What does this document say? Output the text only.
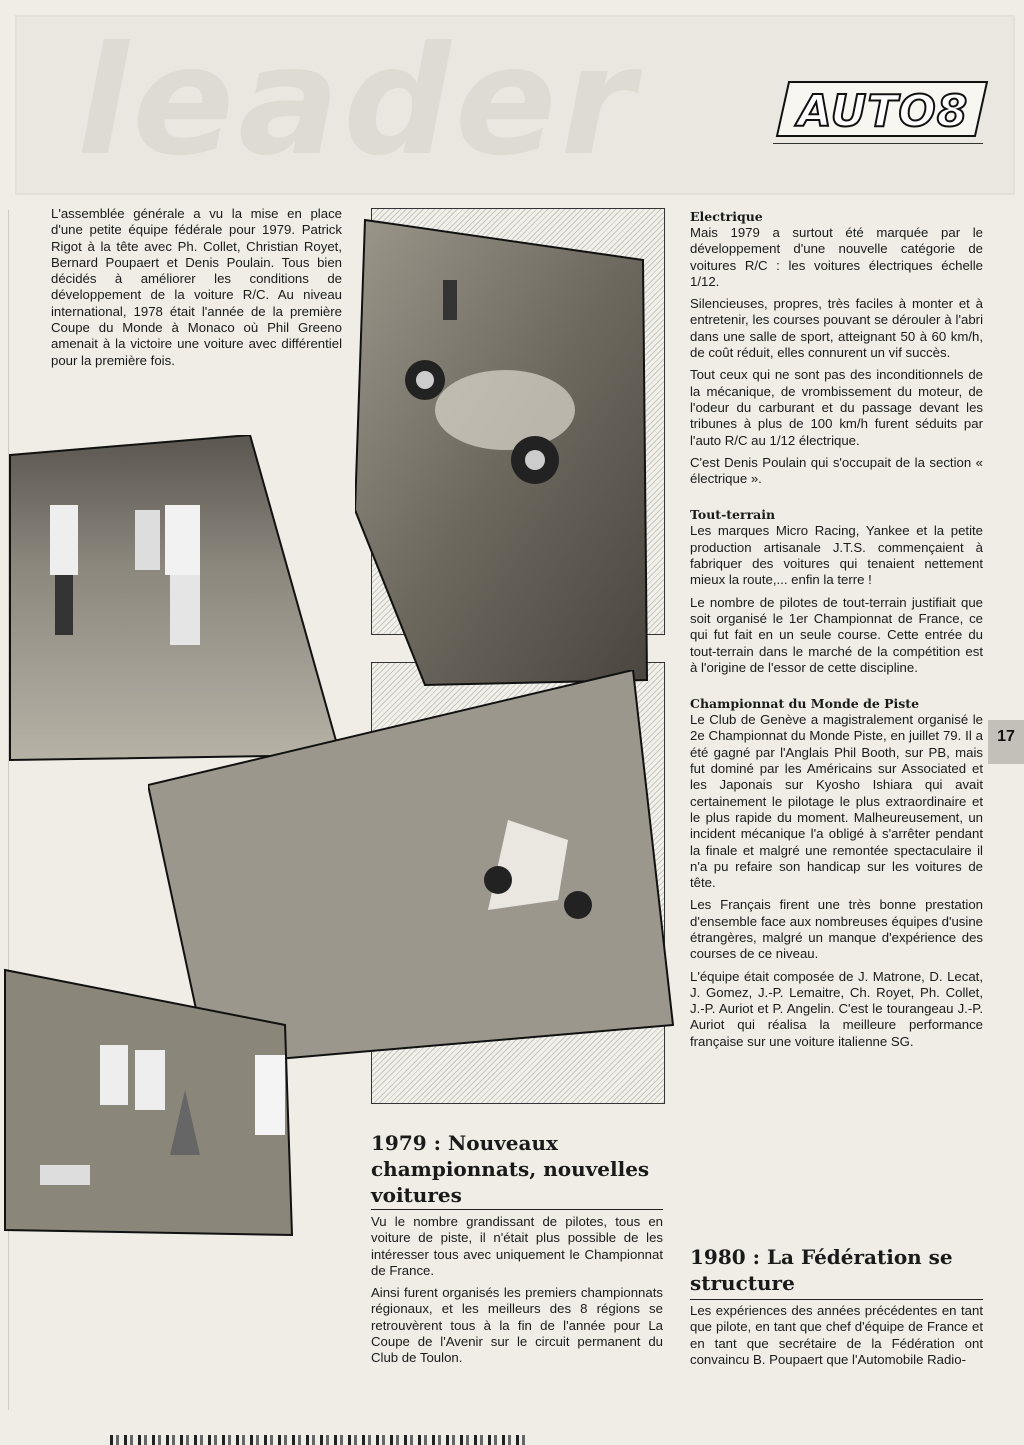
leader	AUTO8

L'assemblée générale a vu la mise en place d'une petite équipe fédérale pour 1979. Patrick Rigot à la tête avec Ph. Collet, Christian Royet, Bernard Poupaert et Denis Poulain. Tous bien décidés à améliorer les conditions de développement de la voiture R/C. Au niveau international, 1978 était l'année de la première Coupe du Monde à Monaco où Phil Greeno amenait à la victoire une voiture avec différentiel pour la première fois.

1979 : Nouveaux championnats, nouvelles voitures

Vu le nombre grandissant de pilotes, tous en voiture de piste, il n'était plus possible de les intéresser tous avec uniquement le Championnat de France.

Ainsi furent organisés les premiers championnats régionaux, et les meilleurs des 8 régions se retrouvèrent tous à la fin de l'année pour La Coupe de l'Avenir sur le circuit permanent du Club de Toulon.

Electrique

Mais 1979 a surtout été marquée par le développement d'une nouvelle catégorie de voitures R/C : les voitures électriques échelle 1/12.

Silencieuses, propres, très faciles à monter et à entretenir, les courses pouvant se dérouler à l'abri dans une salle de sport, atteignant 50 à 60 km/h, de coût réduit, elles connurent un vif succès.

Tout ceux qui ne sont pas des inconditionnels de la mécanique, de vrombissement du moteur, de l'odeur du carburant et du passage devant les tribunes à plus de 100 km/h furent séduits par l'auto R/C au 1/12 électrique.

C'est Denis Poulain qui s'occupait de la section « électrique ».

Tout-terrain

Les marques Micro Racing, Yankee et la petite production artisanale J.T.S. commençaient à fabriquer des voitures qui tenaient nettement mieux la route,... enfin la terre !

Le nombre de pilotes de tout-terrain justifiait que soit organisé le 1er Championnat de France, ce qui fut fait en un seule course. Cette entrée du tout-terrain dans le marché de la compétition est à l'origine de l'essor de cette discipline.

Championnat du Monde de Piste

Le Club de Genève a magistralement organisé le 2e Championnat du Monde Piste, en juillet 79. Il a été gagné par l'Anglais Phil Booth, sur PB, mais fut dominé par les Américains sur Associated et les Japonais sur Kyosho Ishiara qui avait certainement le pilotage le plus extraordinaire et le plus rapide du moment. Malheureusement, un incident mécanique l'a obligé à s'arrêter pendant la finale et malgré une remontée spectaculaire il n'a pu refaire son handicap sur les voitures de tête.

Les Français firent une très bonne prestation d'ensemble face aux nombreuses équipes d'usine étrangères, malgré un manque d'expérience des courses de ce niveau.

L'équipe était composée de J. Matrone, D. Lecat, J. Gomez, J.-P. Lemaitre, Ch. Royet, Ph. Collet, J.-P. Auriot et P. Angelin. C'est le tourangeau J.-P. Auriot qui réalisa la meilleure performance française sur une voiture italienne SG.

1980 : La Fédération se structure

Les expériences des années précédentes en tant que pilote, en tant que chef d'équipe de France et en tant que secrétaire de la Fédération ont convaincu B. Poupaert que l'Automobile Radio-

17
